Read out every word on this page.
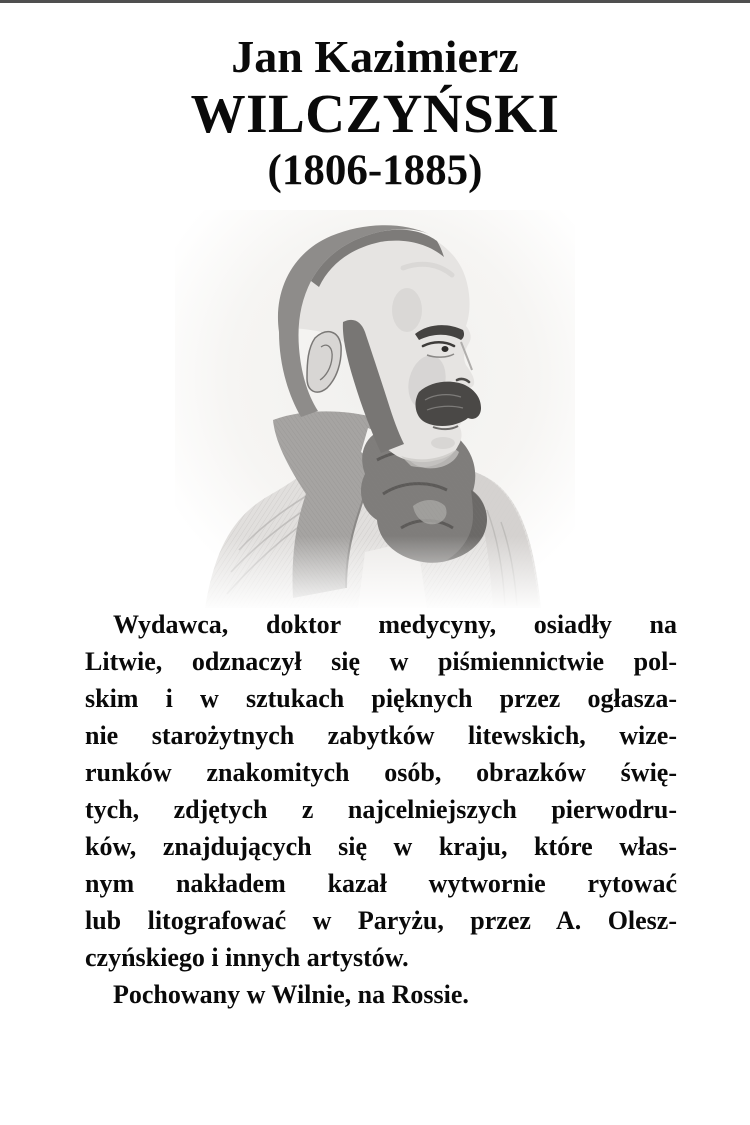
Jan Kazimierz
WILCZYŃSKI
(1806-1885)
Wydawca, doktor medycyny, osiadły na
Litwie, odznaczył się w piśmiennictwie pol-
skim i w sztukach pięknych przez ogłasza-
nie starożytnych zabytków litewskich, wize-
runków znakomitych osób, obrazków świę-
tych, zdjętych z najcelniejszych pierwodru-
ków, znajdujących się w kraju, które włas-
nym nakładem kazał wytwornie rytować
lub litografować w Paryżu, przez A. Olesz-
czyńskiego i innych artystów.
Pochowany w Wilnie, na Rossie.
